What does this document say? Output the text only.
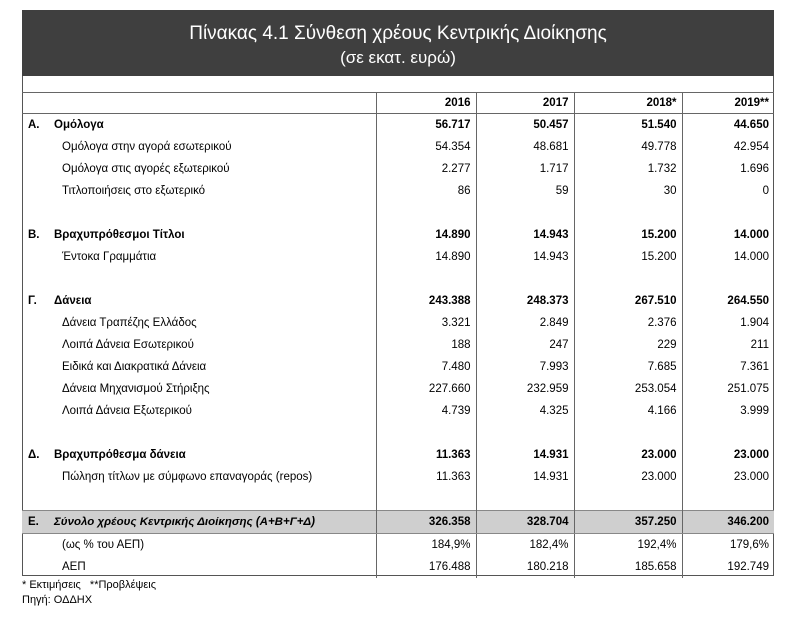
Πίνακας 4.1 Σύνθεση χρέους Κεντρικής Διοίκησης
(σε εκατ. ευρώ)
		2016	2017	2018*	2019**
Α.	Ομόλογα	56.717	50.457	51.540	44.650
	Ομόλογα στην αγορά εσωτερικού	54.354	48.681	49.778	42.954
	Ομόλογα στις αγορές εξωτερικού	2.277	1.717	1.732	1.696
	Τιτλοποιήσεις στο εξωτερικό	86	59	30	0

Β.	Βραχυπρόθεσμοι Τίτλοι	14.890	14.943	15.200	14.000
	Έντοκα Γραμμάτια	14.890	14.943	15.200	14.000

Γ.	Δάνεια	243.388	248.373	267.510	264.550
	Δάνεια Τραπέζης Ελλάδος	3.321	2.849	2.376	1.904
	Λοιπά Δάνεια Εσωτερικού	188	247	229	211
	Ειδικά και Διακρατικά Δάνεια	7.480	7.993	7.685	7.361
	Δάνεια Μηχανισμού Στήριξης	227.660	232.959	253.054	251.075
	Λοιπά Δάνεια Εξωτερικού	4.739	4.325	4.166	3.999

Δ.	Βραχυπρόθεσμα δάνεια	11.363	14.931	23.000	23.000
	Πώληση τίτλων με σύμφωνο επαναγοράς (repos)	11.363	14.931	23.000	23.000

Ε.	Σύνολο χρέους Κεντρικής Διοίκησης (Α+Β+Γ+Δ)	326.358	328.704	357.250	346.200
	(ως % του ΑΕΠ)	184,9%	182,4%	192,4%	179,6%
	ΑΕΠ	176.488	180.218	185.658	192.749
* Εκτιμήσεις **Προβλέψεις
Πηγή: ΟΔΔΗΧ
